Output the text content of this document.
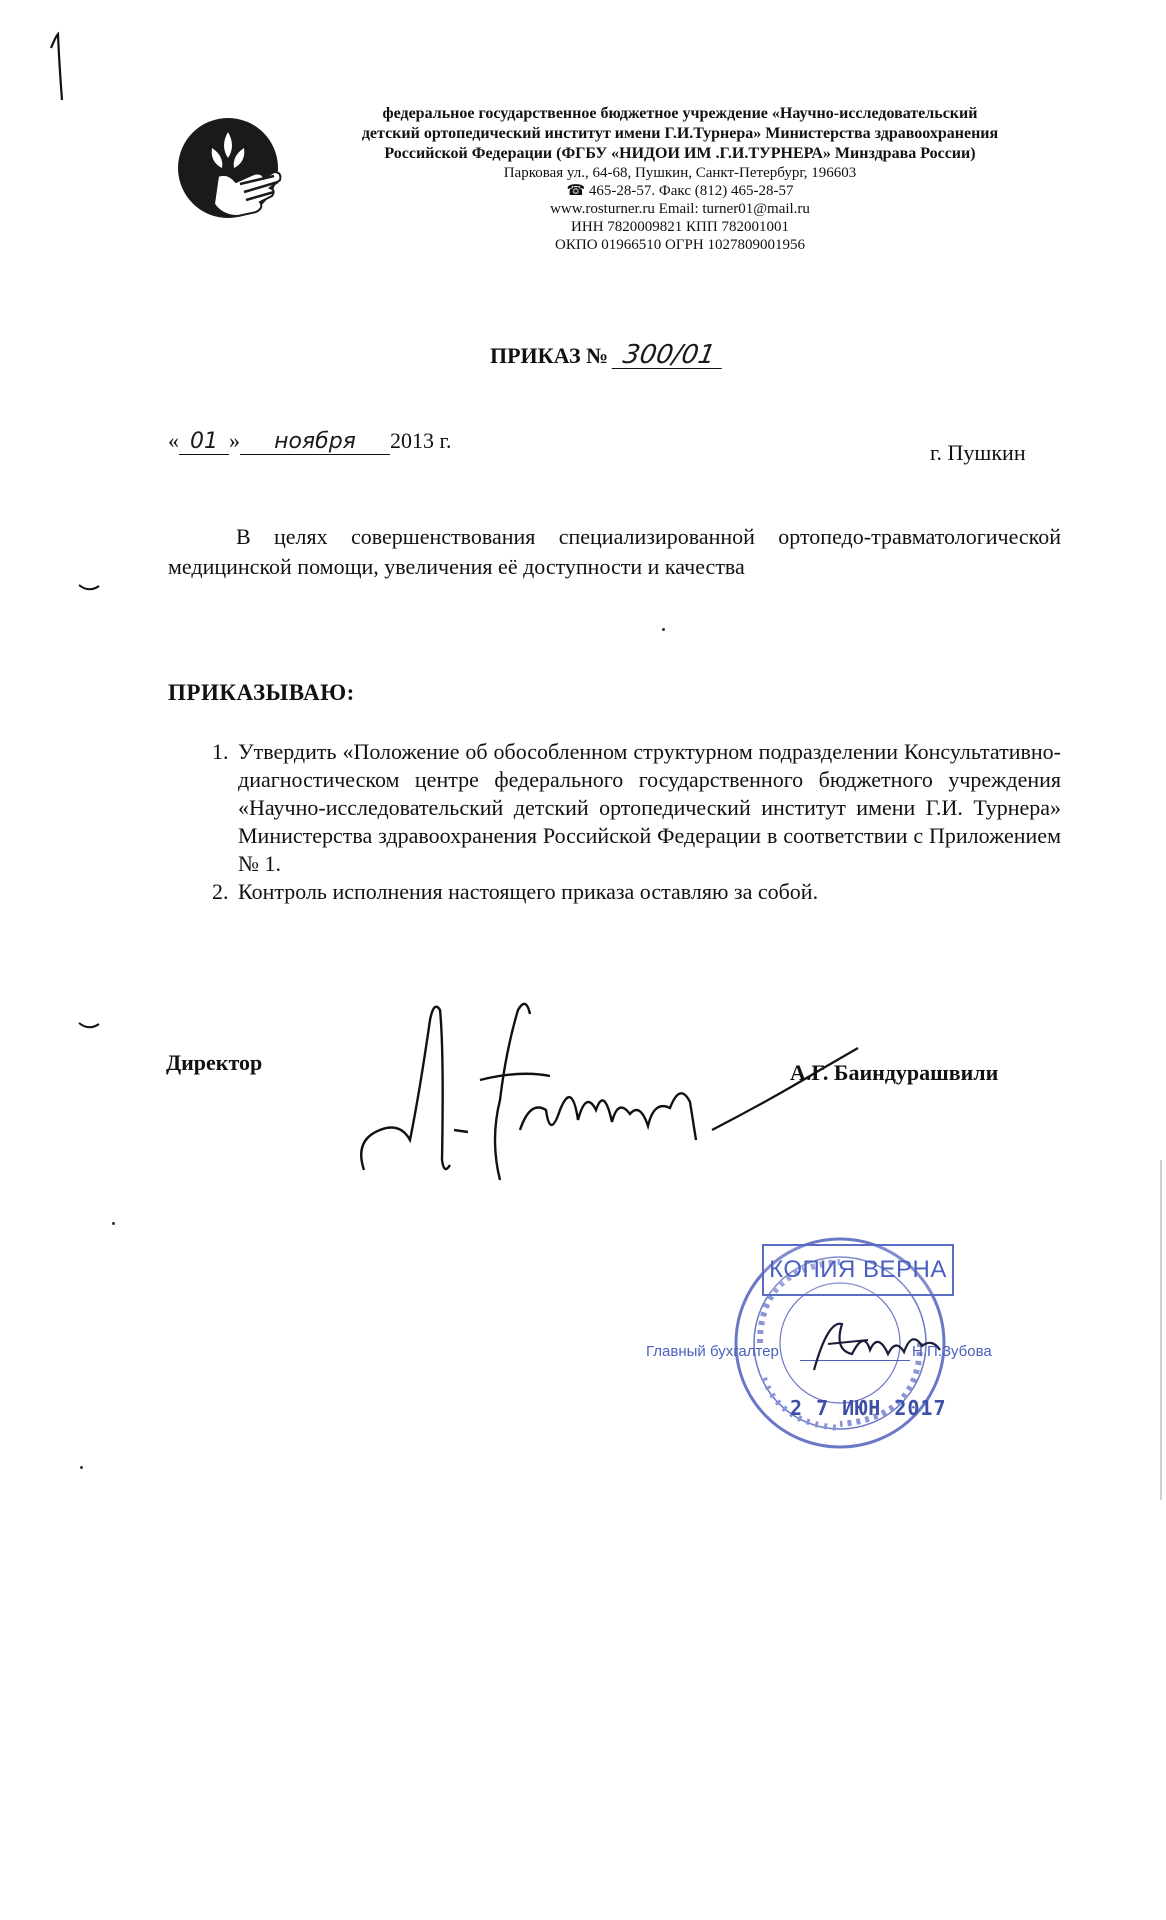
федеральное государственное бюджетное учреждение «Научно-исследовательский
детский ортопедический институт имени Г.И.Турнера» Министерства здравоохранения
Российской Федерации (ФГБУ «НИДОИ ИМ .Г.И.ТУРНЕРА» Минздрава России)
Парковая ул., 64-68, Пушкин, Санкт-Петербург, 196603
☎ 465-28-57. Факс (812) 465-28-57
www.rosturner.ru Email: turner01@mail.ru
ИНН 7820009821 КПП 782001001
ОКПО 01966510 ОГРН 1027809001956
ПРИКАЗ № 300/01
« 01 » ноября 2013 г.	г. Пушкин
В целях совершенствования специализированной ортопедо-травматологической медицинской помощи, увеличения её доступности и качества
ПРИКАЗЫВАЮ:
1. Утвердить «Положение об обособленном структурном подразделении Консультативно-диагностическом центре федерального государственного бюджетного учреждения «Научно-исследовательский детский ортопедический институт имени Г.И. Турнера» Министерства здравоохранения Российской Федерации в соответствии с Приложением № 1.
2. Контроль исполнения настоящего приказа оставляю за собой.
Директор	А.Г. Баиндурашвили
КОПИЯ ВЕРНА
Главный бухгалтер	Н.П.Зубова
2 7 ИЮН 2017
